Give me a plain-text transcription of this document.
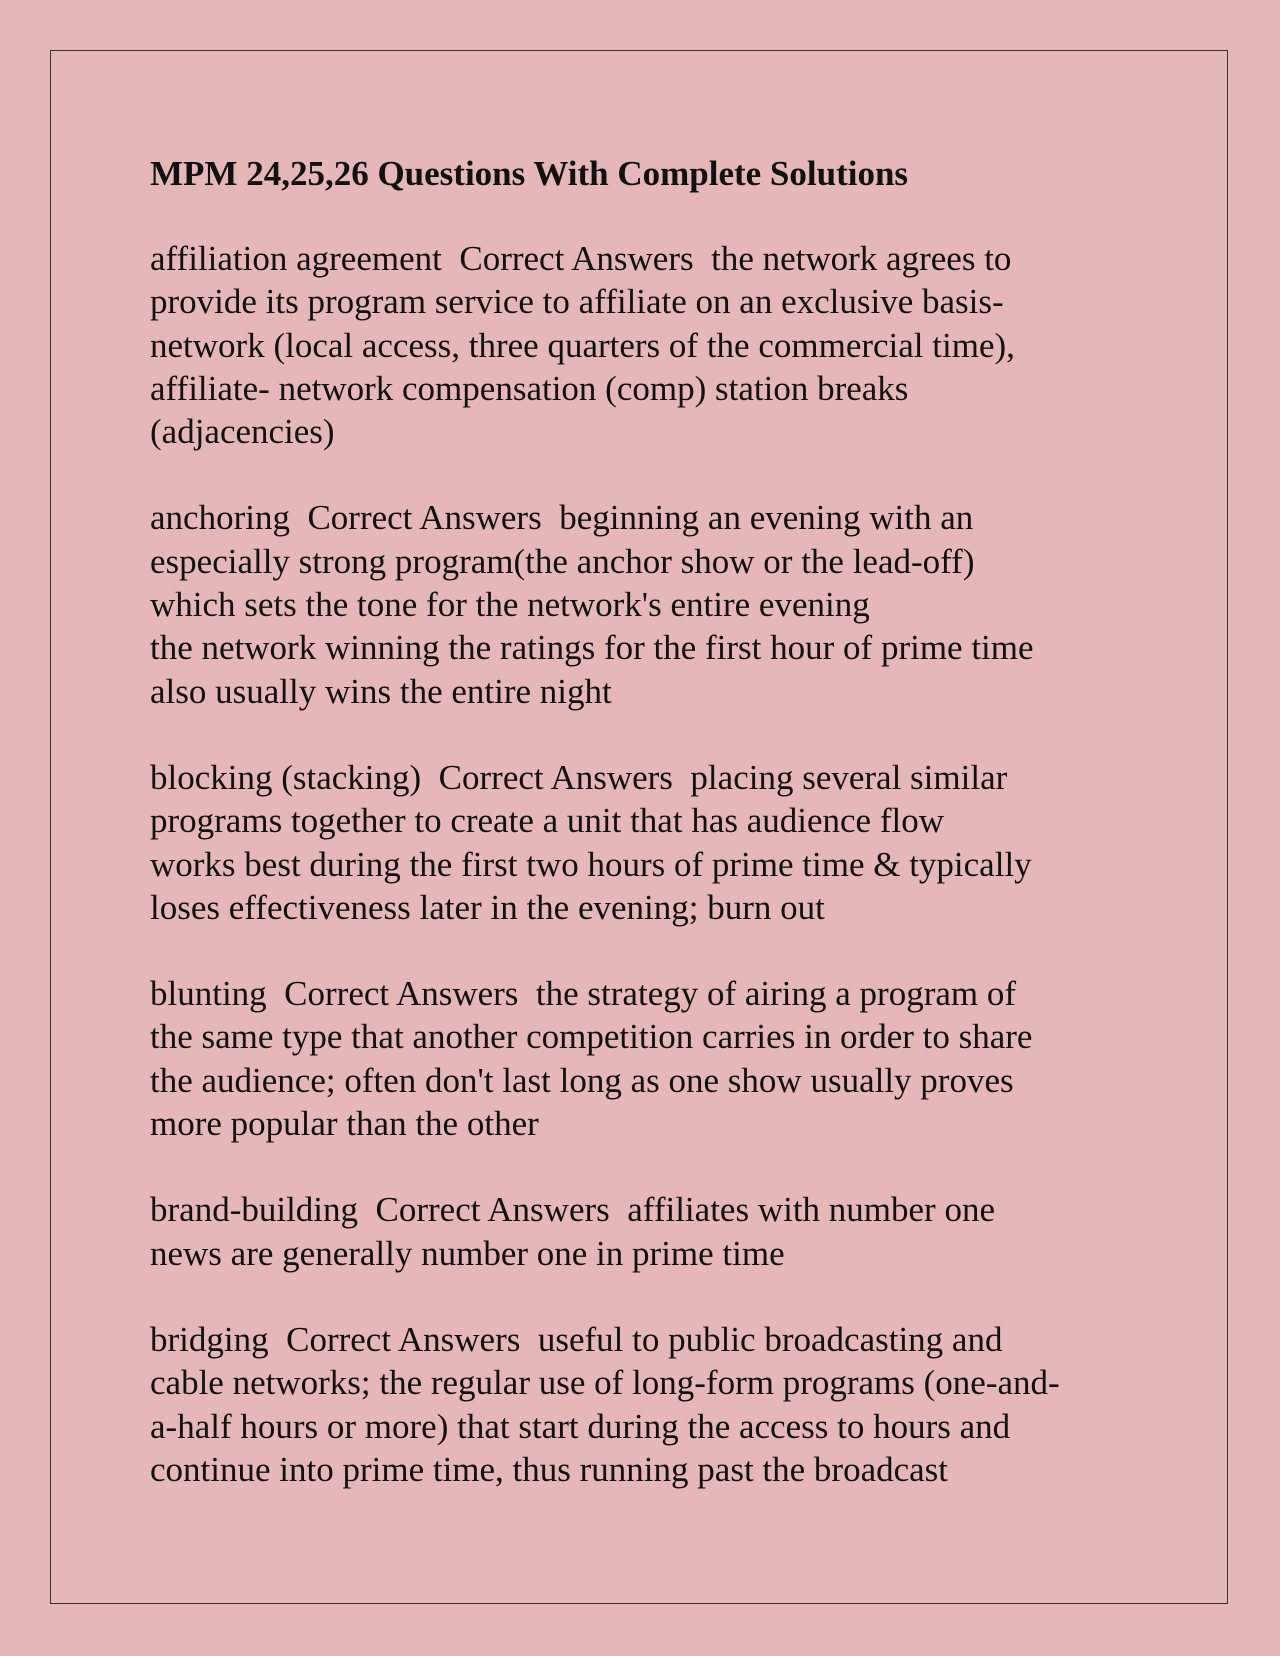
MPM 24,25,26 Questions With Complete Solutions
affiliation agreement  Correct Answers  the network agrees to
provide its program service to affiliate on an exclusive basis-
network (local access, three quarters of the commercial time),
affiliate- network compensation (comp) station breaks
(adjacencies)
anchoring  Correct Answers  beginning an evening with an
especially strong program(the anchor show or the lead-off)
which sets the tone for the network's entire evening
the network winning the ratings for the first hour of prime time
also usually wins the entire night
blocking (stacking)  Correct Answers  placing several similar
programs together to create a unit that has audience flow
works best during the first two hours of prime time & typically
loses effectiveness later in the evening; burn out
blunting  Correct Answers  the strategy of airing a program of
the same type that another competition carries in order to share
the audience; often don't last long as one show usually proves
more popular than the other
brand-building  Correct Answers  affiliates with number one
news are generally number one in prime time
bridging  Correct Answers  useful to public broadcasting and
cable networks; the regular use of long-form programs (one-and-
a-half hours or more) that start during the access to hours and
continue into prime time, thus running past the broadcast
